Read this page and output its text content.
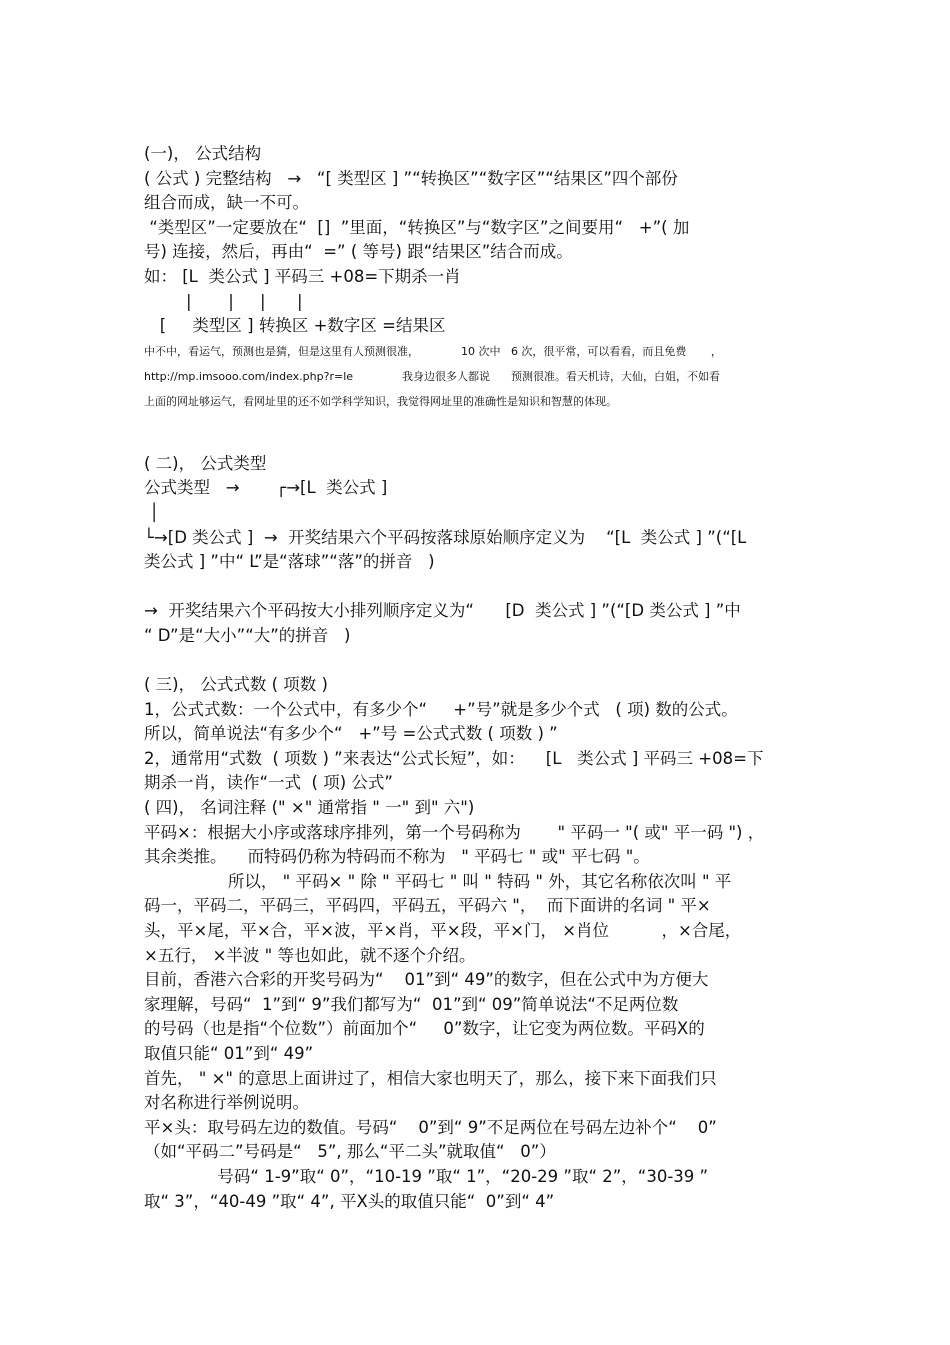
(一)， 公式结构
( 公式 ) 完整结构   →   “[ 类型区 ] ”“转换区”“数字区”“结果区”四个部份
组合而成，缺一不可。
“类型区”一定要放在“  []  ”里面，“转换区”与“数字区”之间要用“   +”( 加
号) 连接，然后，再由“  =” ( 等号) 跟“结果区”结合而成。
如： [L  类公式 ] 平码三 +08=下期杀一肖
|       |     |      |
[     类型区 ] 转换区 +数字区 =结果区
中不中，看运气，预测也是猜，但是这里有人预测很准，            10 次中   6 次，很平常，可以看看，而且免费       ，
http://mp.imsooo.com/index.php?r=le              我身边很多人都说      预测很准。看天机诗，大仙，白姐，不如看
上面的网址够运气，看网址里的还不如学科学知识，我觉得网址里的准确性是知识和智慧的体现。
( 二)， 公式类型
公式类型   →       ┌→[L  类公式 ]
│
└→[D 类公式 ]  →  开奖结果六个平码按落球原始顺序定义为    “[L  类公式 ] ”(“[L
类公式 ] ”中“ L”是“落球”“落”的拼音   )
→  开奖结果六个平码按大小排列顺序定义为“      [D  类公式 ] ”(“[D 类公式 ] ”中
“ D”是“大小”“大”的拼音   )
( 三)， 公式式数 ( 项数 )
1，公式式数：一个公式中，有多少个“     +”号”就是多少个式   ( 项) 数的公式。
所以，简单说法“有多少个“   +”号 =公式式数 ( 项数 ) ”
2，通常用“式数  ( 项数 ) ”来表达“公式长短”，如：    [L   类公式 ] 平码三 +08=下
期杀一肖，读作“一式  ( 项) 公式”
( 四)， 名词注释 (" ×" 通常指 " 一" 到" 六")
平码×：根据大小序或落球序排列，第一个号码称为       " 平码一 "( 或" 平一码 ") ，
其余类推。    而特码仍称为特码而不称为   " 平码七 " 或" 平七码 "。
所以， " 平码× " 除 " 平码七 " 叫 " 特码 " 外，其它名称依次叫 " 平
码一，平码二，平码三，平码四，平码五，平码六 "，  而下面讲的名词 " 平×
头，平×尾，平×合，平×波，平×肖，平×段，平×门， ×肖位          ，×合尾，
×五行， ×半波 " 等也如此，就不逐个介绍。
目前，香港六合彩的开奖号码为“    01”到“ 49”的数字，但在公式中为方便大
家理解，号码“  1”到“ 9”我们都写为“  01”到“ 09”简单说法“不足两位数
的号码（也是指“个位数”）前面加个“     0”数字，让它变为两位数。平码X的
取值只能“ 01”到“ 49”
首先， " ×" 的意思上面讲过了，相信大家也明天了，那么，接下来下面我们只
对名称进行举例说明。
平×头：取号码左边的数值。号码“    0”到“ 9”不足两位在号码左边补个“    0”
（如“平码二”号码是“   5”, 那么“平二头”就取值“   0”）
号码“ 1-9”取“ 0”，“10-19 ”取“ 1”，“20-29 ”取“ 2”，“30-39 ”
取“ 3”，“40-49 ”取“ 4”, 平X头的取值只能“  0”到“ 4”
